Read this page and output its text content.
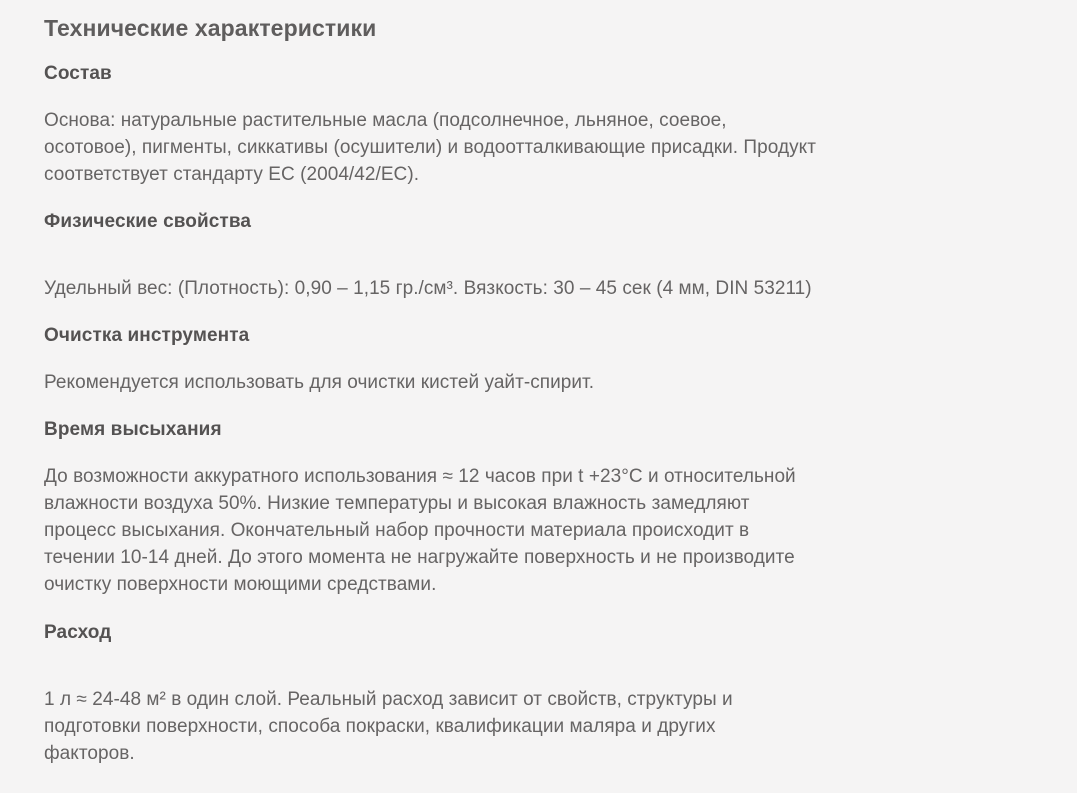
Технические характеристики
Состав

Основа: натуральные растительные масла (подсолнечное, льняное, соевое,
осотовое), пигменты, сиккативы (осушители) и водоотталкивающие присадки. Продукт
соответствует стандарту ЕС (2004/42/ЕС).

Физические свойства

Удельный вес: (Плотность): 0,90 – 1,15 гр./см³. Вязкость: 30 – 45 сек (4 мм, DIN 53211)

Очистка инструмента

Рекомендуется использовать для очистки кистей уайт-спирит.

Время высыхания

До возможности аккуратного использования ≈ 12 часов при t +23°C и относительной
влажности воздуха 50%. Низкие температуры и высокая влажность замедляют
процесс высыхания. Окончательный набор прочности материала происходит в
течении 10-14 дней. До этого момента не нагружайте поверхность и не производите
очистку поверхности моющими средствами.

Расход

1 л ≈ 24-48 м² в один слой. Реальный расход зависит от свойств, структуры и
подготовки поверхности, способа покраски, квалификации маляра и других
факторов.
